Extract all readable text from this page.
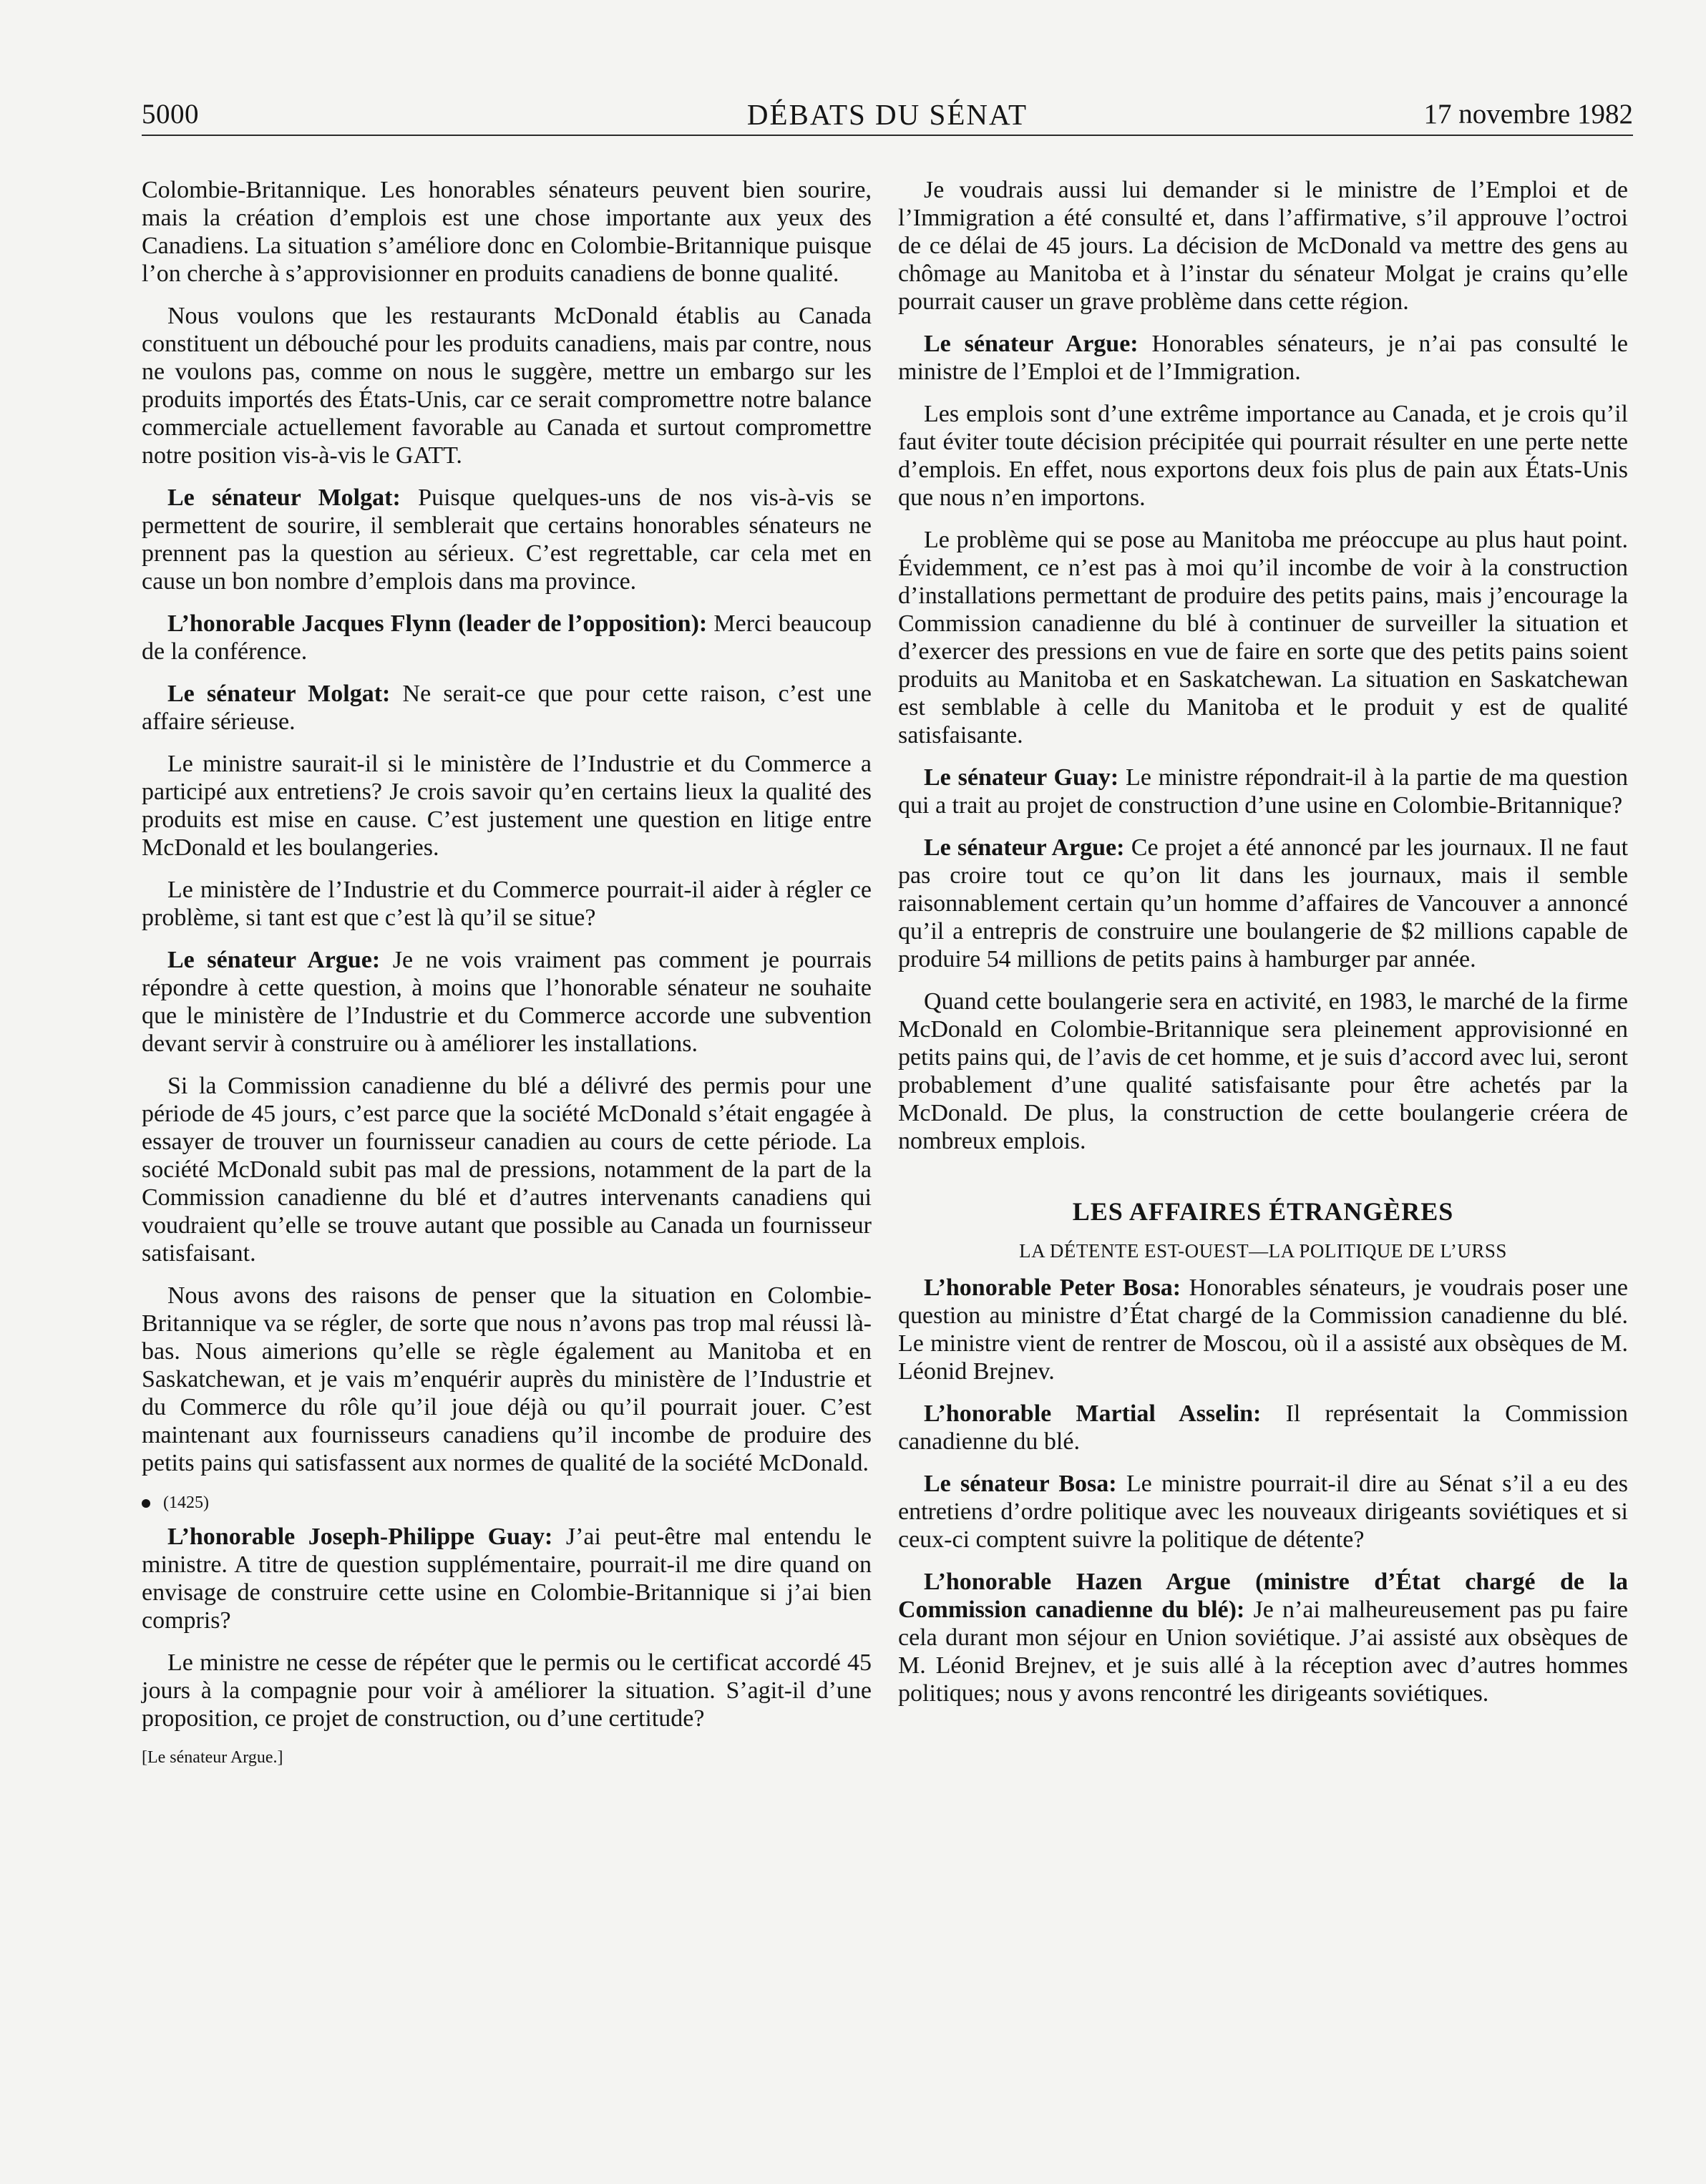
5000	DÉBATS DU SÉNAT	17 novembre 1982

Colombie-Britannique. Les honorables sénateurs peuvent bien sourire, mais la création d’emplois est une chose importante aux yeux des Canadiens. La situation s’améliore donc en Colombie-Britannique puisque l’on cherche à s’approvisionner en produits canadiens de bonne qualité.

Nous voulons que les restaurants McDonald établis au Canada constituent un débouché pour les produits canadiens, mais par contre, nous ne voulons pas, comme on nous le suggère, mettre un embargo sur les produits importés des États-Unis, car ce serait compromettre notre balance commerciale actuellement favorable au Canada et surtout compromettre notre position vis-à-vis le GATT.

Le sénateur Molgat: Puisque quelques-uns de nos vis-à-vis se permettent de sourire, il semblerait que certains honorables sénateurs ne prennent pas la question au sérieux. C’est regrettable, car cela met en cause un bon nombre d’emplois dans ma province.

L’honorable Jacques Flynn (leader de l’opposition): Merci beaucoup de la conférence.

Le sénateur Molgat: Ne serait-ce que pour cette raison, c’est une affaire sérieuse.

Le ministre saurait-il si le ministère de l’Industrie et du Commerce a participé aux entretiens? Je crois savoir qu’en certains lieux la qualité des produits est mise en cause. C’est justement une question en litige entre McDonald et les boulangeries.

Le ministère de l’Industrie et du Commerce pourrait-il aider à régler ce problème, si tant est que c’est là qu’il se situe?

Le sénateur Argue: Je ne vois vraiment pas comment je pourrais répondre à cette question, à moins que l’honorable sénateur ne souhaite que le ministère de l’Industrie et du Commerce accorde une subvention devant servir à construire ou à améliorer les installations.

Si la Commission canadienne du blé a délivré des permis pour une période de 45 jours, c’est parce que la société McDonald s’était engagée à essayer de trouver un fournisseur canadien au cours de cette période. La société McDonald subit pas mal de pressions, notamment de la part de la Commission canadienne du blé et d’autres intervenants canadiens qui voudraient qu’elle se trouve autant que possible au Canada un fournisseur satisfaisant.

Nous avons des raisons de penser que la situation en Colombie-Britannique va se régler, de sorte que nous n’avons pas trop mal réussi là-bas. Nous aimerions qu’elle se règle également au Manitoba et en Saskatchewan, et je vais m’enquérir auprès du ministère de l’Industrie et du Commerce du rôle qu’il joue déjà ou qu’il pourrait jouer. C’est maintenant aux fournisseurs canadiens qu’il incombe de produire des petits pains qui satisfassent aux normes de qualité de la société McDonald.

(1425)

L’honorable Joseph-Philippe Guay: J’ai peut-être mal entendu le ministre. A titre de question supplémentaire, pourrait-il me dire quand on envisage de construire cette usine en Colombie-Britannique si j’ai bien compris?

Le ministre ne cesse de répéter que le permis ou le certificat accordé 45 jours à la compagnie pour voir à améliorer la situation. S’agit-il d’une proposition, ce projet de construction, ou d’une certitude?

[Le sénateur Argue.]

Je voudrais aussi lui demander si le ministre de l’Emploi et de l’Immigration a été consulté et, dans l’affirmative, s’il approuve l’octroi de ce délai de 45 jours. La décision de McDonald va mettre des gens au chômage au Manitoba et à l’instar du sénateur Molgat je crains qu’elle pourrait causer un grave problème dans cette région.

Le sénateur Argue: Honorables sénateurs, je n’ai pas consulté le ministre de l’Emploi et de l’Immigration.

Les emplois sont d’une extrême importance au Canada, et je crois qu’il faut éviter toute décision précipitée qui pourrait résulter en une perte nette d’emplois. En effet, nous exportons deux fois plus de pain aux États-Unis que nous n’en importons.

Le problème qui se pose au Manitoba me préoccupe au plus haut point. Évidemment, ce n’est pas à moi qu’il incombe de voir à la construction d’installations permettant de produire des petits pains, mais j’encourage la Commission canadienne du blé à continuer de surveiller la situation et d’exercer des pressions en vue de faire en sorte que des petits pains soient produits au Manitoba et en Saskatchewan. La situation en Saskatchewan est semblable à celle du Manitoba et le produit y est de qualité satisfaisante.

Le sénateur Guay: Le ministre répondrait-il à la partie de ma question qui a trait au projet de construction d’une usine en Colombie-Britannique?

Le sénateur Argue: Ce projet a été annoncé par les journaux. Il ne faut pas croire tout ce qu’on lit dans les journaux, mais il semble raisonnablement certain qu’un homme d’affaires de Vancouver a annoncé qu’il a entrepris de construire une boulangerie de $2 millions capable de produire 54 millions de petits pains à hamburger par année.

Quand cette boulangerie sera en activité, en 1983, le marché de la firme McDonald en Colombie-Britannique sera pleinement approvisionné en petits pains qui, de l’avis de cet homme, et je suis d’accord avec lui, seront probablement d’une qualité satisfaisante pour être achetés par la McDonald. De plus, la construction de cette boulangerie créera de nombreux emplois.

LES AFFAIRES ÉTRANGÈRES
LA DÉTENTE EST-OUEST—LA POLITIQUE DE L’URSS

L’honorable Peter Bosa: Honorables sénateurs, je voudrais poser une question au ministre d’État chargé de la Commission canadienne du blé. Le ministre vient de rentrer de Moscou, où il a assisté aux obsèques de M. Léonid Brejnev.

L’honorable Martial Asselin: Il représentait la Commission canadienne du blé.

Le sénateur Bosa: Le ministre pourrait-il dire au Sénat s’il a eu des entretiens d’ordre politique avec les nouveaux dirigeants soviétiques et si ceux-ci comptent suivre la politique de détente?

L’honorable Hazen Argue (ministre d’État chargé de la Commission canadienne du blé): Je n’ai malheureusement pas pu faire cela durant mon séjour en Union soviétique. J’ai assisté aux obsèques de M. Léonid Brejnev, et je suis allé à la réception avec d’autres hommes politiques; nous y avons rencontré les dirigeants soviétiques.
